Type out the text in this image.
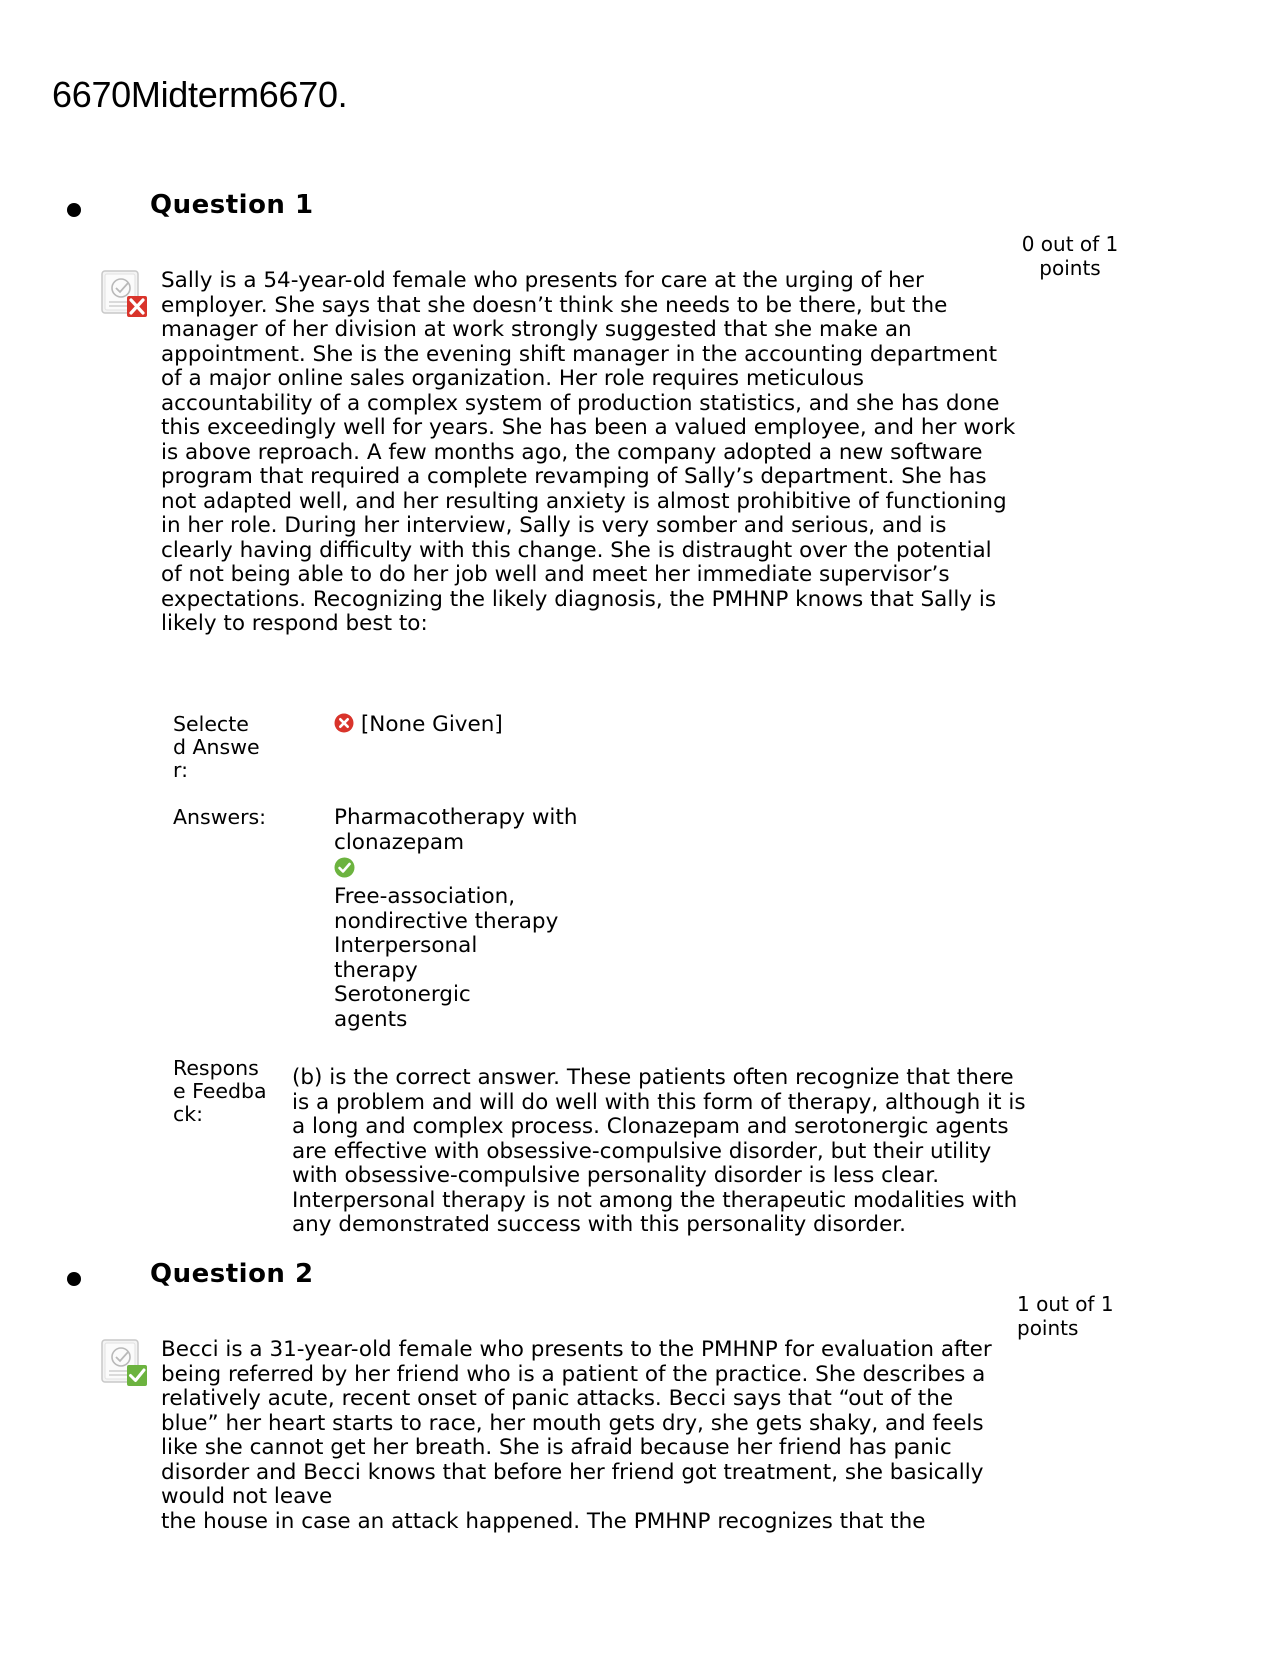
6670Midterm6670.
Question 1
0 out of 1 points

Sally is a 54-year-old female who presents for care at the urging of her employer. She says that she doesn’t think she needs to be there, but the manager of her division at work strongly suggested that she make an appointment. She is the evening shift manager in the accounting department of a major online sales organization. Her role requires meticulous accountability of a complex system of production statistics, and she has done this exceedingly well for years. She has been a valued employee, and her work is above reproach. A few months ago, the company adopted a new software program that required a complete revamping of Sally’s department. She has not adapted well, and her resulting anxiety is almost prohibitive of functioning in her role. During her interview, Sally is very somber and serious, and is clearly having difficulty with this change. She is distraught over the potential of not being able to do her job well and meet her immediate supervisor’s expectations. Recognizing the likely diagnosis, the PMHNP knows that Sally is likely to respond best to:

Selected Answer:
[None Given]
Answers:	Pharmacotherapy with clonazepam
Free-association, nondirective therapy
Interpersonal therapy
Serotonergic agents
Response Feedback:
(b) is the correct answer. These patients often recognize that there is a problem and will do well with this form of therapy, although it is a long and complex process. Clonazepam and serotonergic agents are effective with obsessive-compulsive disorder, but their utility with obsessive-compulsive personality disorder is less clear. Interpersonal therapy is not among the therapeutic modalities with any demonstrated success with this personality disorder.
Question 2
1 out of 1 points

Becci is a 31-year-old female who presents to the PMHNP for evaluation after being referred by her friend who is a patient of the practice. She describes a relatively acute, recent onset of panic attacks. Becci says that “out of the blue” her heart starts to race, her mouth gets dry, she gets shaky, and feels like she cannot get her breath. She is afraid because her friend has panic disorder and Becci knows that before her friend got treatment, she basically would not leave
the house in case an attack happened. The PMHNP recognizes that the
